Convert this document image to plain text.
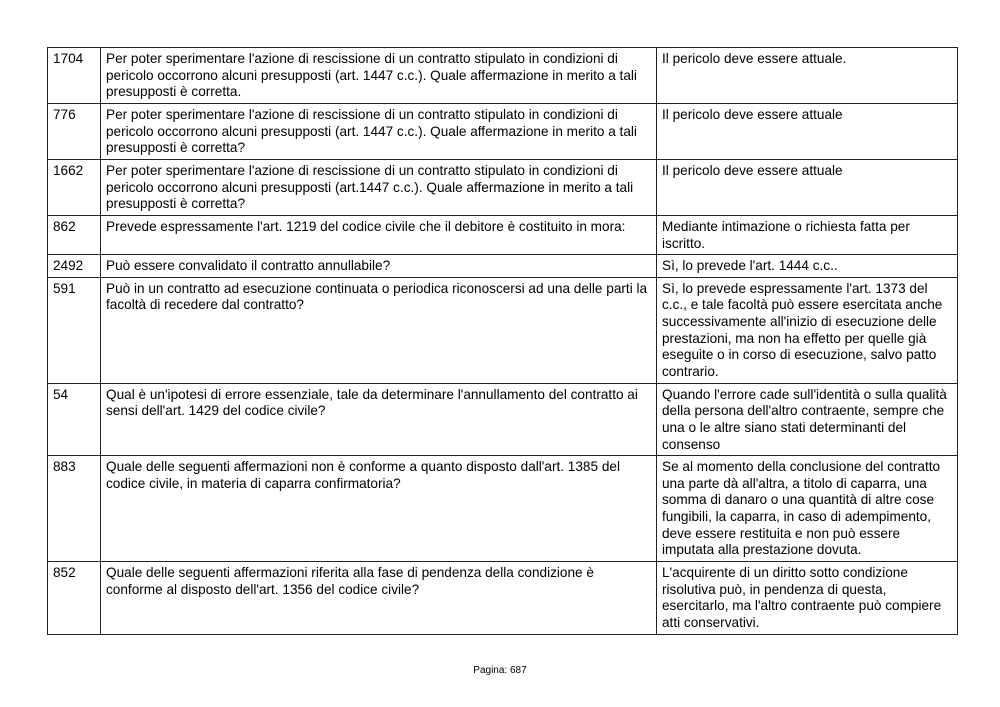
1704	Per poter sperimentare l'azione di rescissione di un contratto stipulato in condizioni di pericolo occorrono alcuni presupposti (art. 1447 c.c.). Quale affermazione in merito a tali presupposti è corretta.	Il pericolo deve essere attuale.
776	Per poter sperimentare l'azione di rescissione di un contratto stipulato in condizioni di pericolo occorrono alcuni presupposti (art. 1447 c.c.). Quale affermazione in merito a tali presupposti è corretta?	Il pericolo deve essere attuale
1662	Per poter sperimentare l'azione di rescissione di un contratto stipulato in condizioni di pericolo occorrono alcuni presupposti (art.1447 c.c.). Quale affermazione in merito a tali presupposti è corretta?	Il pericolo deve essere attuale
862	Prevede espressamente l'art. 1219 del codice civile che il debitore è costituito in mora:	Mediante intimazione o richiesta fatta per iscritto.
2492	Può essere convalidato il contratto annullabile?	Sì, lo prevede l'art. 1444 c.c..
591	Può in un contratto ad esecuzione continuata o periodica riconoscersi ad una delle parti la facoltà di recedere dal contratto?	Sì, lo prevede espressamente l'art. 1373 del c.c., e tale facoltà può essere esercitata anche successivamente all'inizio di esecuzione delle prestazioni, ma non ha effetto per quelle già eseguite o in corso di esecuzione, salvo patto contrario.
54	Qual è un'ipotesi di errore essenziale, tale da determinare l'annullamento del contratto ai sensi dell'art. 1429 del codice civile?	Quando l'errore cade sull'identità o sulla qualità della persona dell'altro contraente, sempre che una o le altre siano stati determinanti del consenso
883	Quale delle seguenti affermazioni non è conforme a quanto disposto dall'art. 1385 del codice civile, in materia di caparra confirmatoria?	Se al momento della conclusione del contratto una parte dà all'altra, a titolo di caparra, una somma di danaro o una quantità di altre cose fungibili, la caparra, in caso di adempimento, deve essere restituita e non può essere imputata alla prestazione dovuta.
852	Quale delle seguenti affermazioni riferita alla fase di pendenza della condizione è conforme al disposto dell'art. 1356 del codice civile?	L'acquirente di un diritto sotto condizione risolutiva può, in pendenza di questa, esercitarlo, ma l'altro contraente può compiere atti conservativi.
Pagina: 687
